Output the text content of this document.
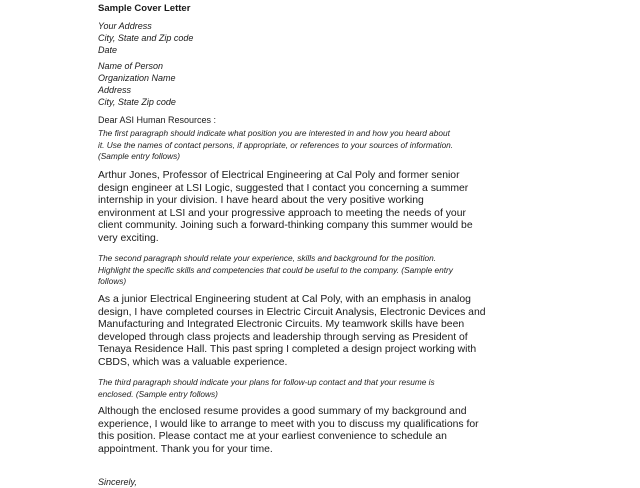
Sample Cover Letter
Your Address
City, State and Zip code
Date
Name of Person
Organization Name
Address
City, State Zip code
Dear ASI Human Resources :
The first paragraph should indicate what position you are interested in and how you heard about
it. Use the names of contact persons, if appropriate, or references to your sources of information.
(Sample entry follows)
Arthur Jones, Professor of Electrical Engineering at Cal Poly and former senior
design engineer at LSI Logic, suggested that I contact you concerning a summer
internship in your division. I have heard about the very positive working
environment at LSI and your progressive approach to meeting the needs of your
client community. Joining such a forward-thinking company this summer would be
very exciting.
The second paragraph should relate your experience, skills and background for the position.
Highlight the specific skills and competencies that could be useful to the company. (Sample entry
follows)
As a junior Electrical Engineering student at Cal Poly, with an emphasis in analog
design, I have completed courses in Electric Circuit Analysis, Electronic Devices and
Manufacturing and Integrated Electronic Circuits. My teamwork skills have been
developed through class projects and leadership through serving as President of
Tenaya Residence Hall. This past spring I completed a design project working with
CBDS, which was a valuable experience.
The third paragraph should indicate your plans for follow-up contact and that your resume is
enclosed. (Sample entry follows)
Although the enclosed resume provides a good summary of my background and
experience, I would like to arrange to meet with you to discuss my qualifications for
this position. Please contact me at your earliest convenience to schedule an
appointment. Thank you for your time.
Sincerely,
